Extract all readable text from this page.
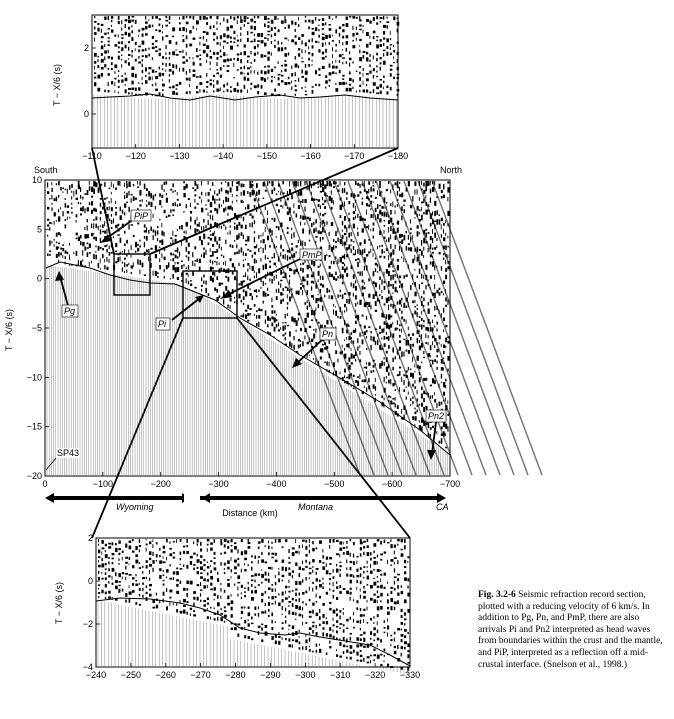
T − X/6 (s)
2
0
−110	−120	−130	−140	−150	−160	−170	−180
South	North
T − X/6 (s)
10
5
0
−5
−10
−15
−20
0	−100	−200	−300	−400	−500	−600	−700
SP43
PiP
PmP
Pg
Pi
Pn
Pn2
Wyoming	Montana	CA
Distance (km)
T − X/6 (s)
2
0
−2
−4
−240 −250 −260 −270 −280 −290 −300 −310 −320 −330
Fig. 3.2-6 Seismic refraction record section, plotted with a reducing velocity of 6 km/s. In addition to Pg, Pn, and PmP, there are also arrivals Pi and Pn2 interpreted as head waves from boundaries within the crust and the mantle, and PiP, interpreted as a reflection off a mid-crustal interface. (Snelson et al., 1998.)
